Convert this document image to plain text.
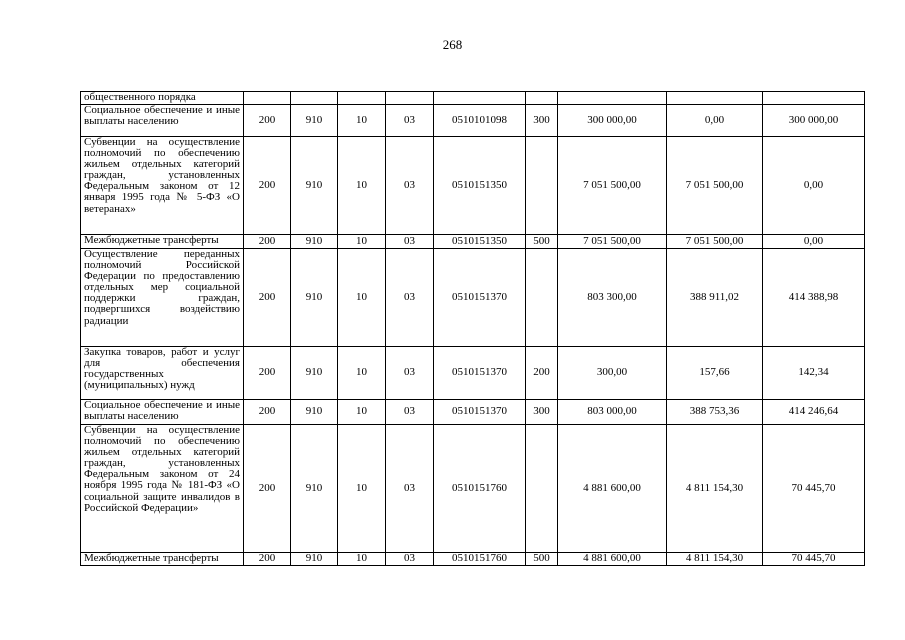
268
общественного порядка									
Социальное обеспечение и иные выплаты населению	200	910	10	03	0510101098	300	300 000,00	0,00	300 000,00
Субвенции на осуществление полномочий по обеспечению жильем отдельных категорий граждан, установленных Федеральным законом от 12 января 1995 года № 5-ФЗ «О ветеранах»	200	910	10	03	0510151350		7 051 500,00	7 051 500,00	0,00
Межбюджетные трансферты	200	910	10	03	0510151350	500	7 051 500,00	7 051 500,00	0,00
Осуществление переданных полномочий Российской Федерации по предоставлению отдельных мер социальной поддержки граждан, подвергшихся воздействию радиации	200	910	10	03	0510151370		803 300,00	388 911,02	414 388,98
Закупка товаров, работ и услуг для обеспечения государственных (муниципальных) нужд	200	910	10	03	0510151370	200	300,00	157,66	142,34
Социальное обеспечение и иные выплаты населению	200	910	10	03	0510151370	300	803 000,00	388 753,36	414 246,64
Субвенции на осуществление полномочий по обеспечению жильем отдельных категорий граждан, установленных Федеральным законом от 24 ноября 1995 года № 181-ФЗ «О социальной защите инвалидов в Российской Федерации»	200	910	10	03	0510151760		4 881 600,00	4 811 154,30	70 445,70
Межбюджетные трансферты	200	910	10	03	0510151760	500	4 881 600,00	4 811 154,30	70 445,70
